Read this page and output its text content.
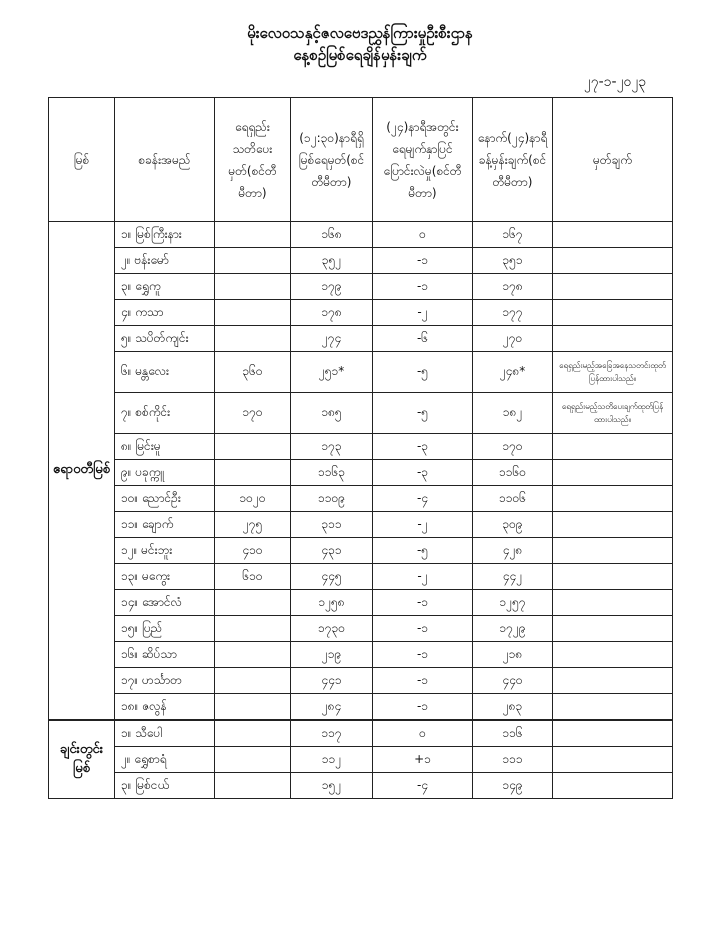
မိုးလေဝသနှင့်ဇလဗေဒညွှန်ကြားမှုဦးစီးဌာန
နေ့စဉ်မြစ်ရေချိန်မှန်းချက်
၂၇-၁-၂၀၂၃
မြစ်	စခန်းအမည်	ရေရှည်းသတိပေးမှတ်(စင်တီမီတာ)	(၁၂:၃၀)နာရီရှိမြစ်ရေမှတ်(စင်တီမီတာ)	(၂၄)နာရီအတွင်းရေမျက်နှာပြင်ပြောင်းလဲမှု(စင်တီမီတာ)	နောက်(၂၄)နာရီခန့်မှန်းချက်(စင်တီမီတာ)	မှတ်ချက်
ဧရာဝတီမြစ်	၁။ မြစ်ကြီးနား		၁၆၈	၀	၁၆၇	
	၂။ ဗန်းမော်		၃၅၂	-၁	၃၅၁	
	၃။ ရွှေကူ		၁၇၉	-၁	၁၇၈	
	၄။ ကသာ		၁၇၈	-၂	၁၇၇	
	၅။ သပိတ်ကျင်း		၂၇၄	-၆	၂၇၀	
	၆။ မန္တလေး	၃၆၀	၂၅၁*	-၅	၂၄၈*	ရေရှည်းမည့်အခြေအနေသတင်းထုတ်ပြန်ထားပါသည်။
	၇။ စစ်ကိုင်း	၁၇၀	၁၈၅	-၅	၁၈၂	ရေရှည်းမည့်သတိပေးချက်ထုတ်ပြန်ထားပါသည်။
	၈။ မြင်းမူ		၁၇၃	-၃	၁၇၀	
	၉။ ပခုက္ကူ		၁၁၆၃	-၃	၁၁၆၀	
	၁၀။ ညောင်ဦး	၁၀၂၀	၁၁၀၉	-၄	၁၁၀၆	
	၁၁။ ချောက်	၂၇၅	၃၁၁	-၂	၃၀၉	
	၁၂။ မင်းဘူး	၄၁၀	၄၃၁	-၅	၄၂၈	
	၁၃။ မကွေး	၆၁၀	၄၄၅	-၂	၄၄၂	
	၁၄။ အောင်လံ		၁၂၅၈	-၁	၁၂၅၇	
	၁၅။ ပြည်		၁၇၃၀	-၁	၁၇၂၉	
	၁၆။ ဆိပ်သာ		၂၁၉	-၁	၂၁၈	
	၁၇။ ဟင်္သာတ		၄၄၁	-၁	၄၄၀	
	၁၈။ ဇလွန်		၂၈၄	-၁	၂၈၃	
ချင်းတွင်းမြစ်	၁။ သီပေါ		၁၁၇	၀	၁၁၆	
	၂။ ရွှေစာရံ		၁၁၂	+၁	၁၁၁	
	၃။ မြစ်ငယ်		၁၅၂	-၄	၁၄၉	
